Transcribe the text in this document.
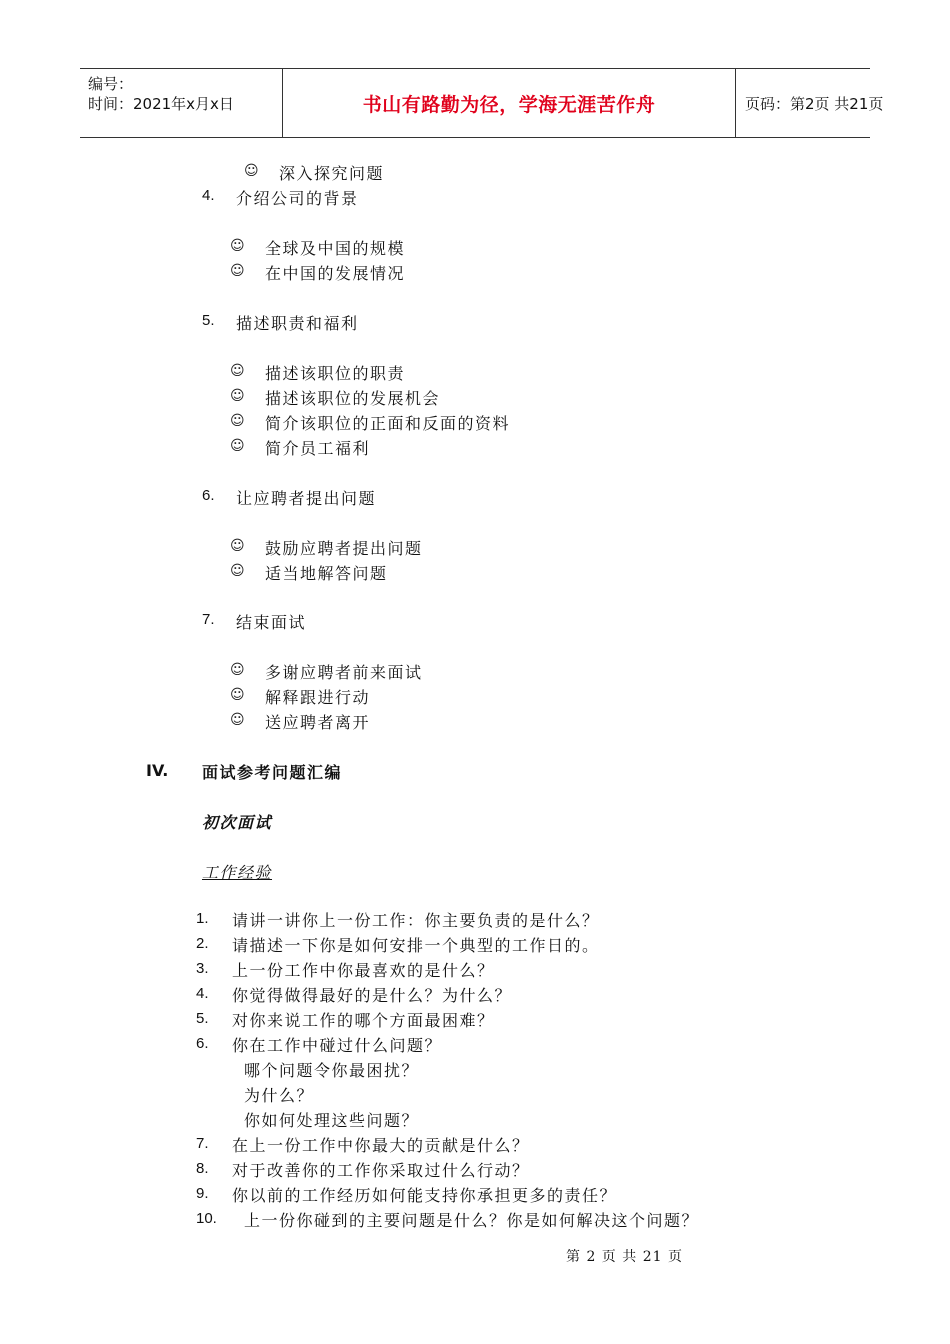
编号：
时间：2021年x月x日	书山有路勤为径，学海无涯苦作舟	页码：第2页 共21页
☺ 深入探究问题
4. 介绍公司的背景
☺ 全球及中国的规模
☺ 在中国的发展情况
5. 描述职责和福利
☺ 描述该职位的职责
☺ 描述该职位的发展机会
☺ 简介该职位的正面和反面的资料
☺ 简介员工福利
6. 让应聘者提出问题
☺ 鼓励应聘者提出问题
☺ 适当地解答问题
7. 结束面试
☺ 多谢应聘者前来面试
☺ 解释跟进行动
☺ 送应聘者离开
IV. 面试参考问题汇编
初次面试
工作经验
1. 请讲一讲你上一份工作：你主要负责的是什么？
2. 请描述一下你是如何安排一个典型的工作日的。
3. 上一份工作中你最喜欢的是什么？
4. 你觉得做得最好的是什么？为什么？
5. 对你来说工作的哪个方面最困难？
6. 你在工作中碰过什么问题？
哪个问题令你最困扰？
为什么？
你如何处理这些问题？
7. 在上一份工作中你最大的贡献是什么？
8. 对于改善你的工作你采取过什么行动？
9. 你以前的工作经历如何能支持你承担更多的责任？
10. 上一份你碰到的主要问题是什么？你是如何解决这个问题？
第 2 页 共 21 页
